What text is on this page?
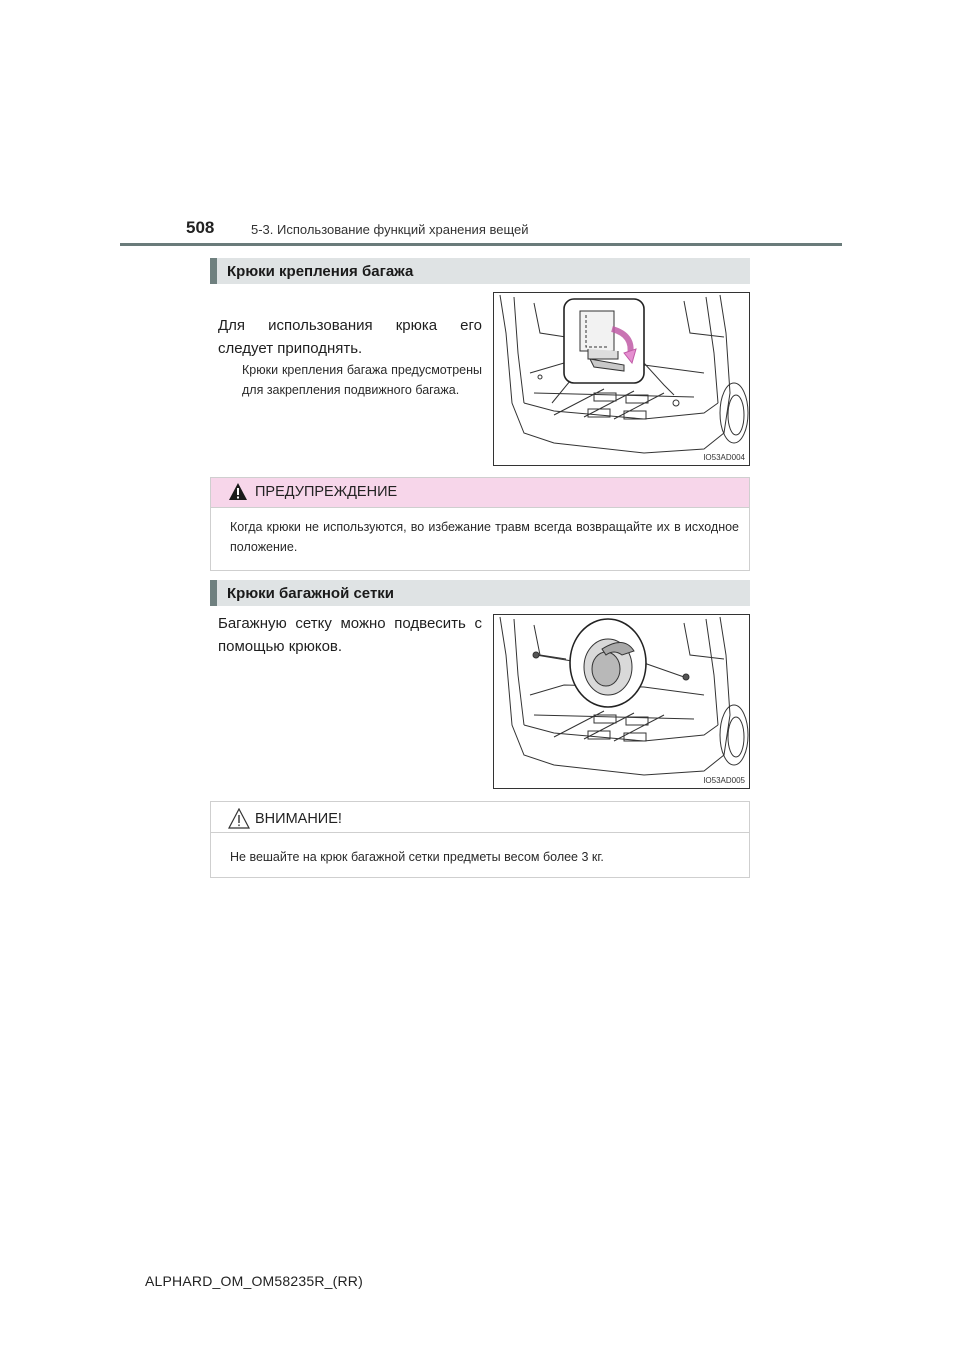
508	5-3. Использование функций хранения вещей
Крюки крепления багажа
Для использования крюка его следует приподнять.
Крюки крепления багажа предусмотрены для закрепления подвижного багажа.
IO53AD004
ПРЕДУПРЕЖДЕНИЕ
Когда крюки не используются, во избежание травм всегда возвращайте их в исходное положение.
Крюки багажной сетки
Багажную сетку можно подвесить с помощью крюков.
IO53AD005
ВНИМАНИЕ!
Не вешайте на крюк багажной сетки предметы весом более 3 кг.
ALPHARD_OM_OM58235R_(RR)
